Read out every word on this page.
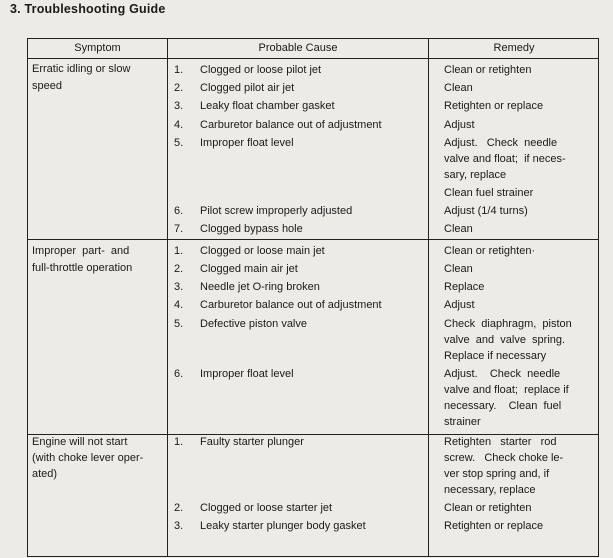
3. Troubleshooting Guide
Symptom	Probable Cause	Remedy
Erratic idling or slow
speed
1. Clogged or loose pilot jet
2. Clogged pilot air jet
3. Leaky float chamber gasket
4. Carburetor balance out of adjustment
5. Improper float level
6. Pilot screw improperly adjusted
7. Clogged bypass hole
Clean or retighten
Clean
Retighten or replace
Adjust
Adjust.   Check  needle
valve and float;  if neces-
sary, replace
Clean fuel strainer
Adjust (1/4 turns)
Clean
Improper  part-  and
full-throttle operation
1. Clogged or loose main jet
2. Clogged main air jet
3. Needle jet O-ring broken
4. Carburetor balance out of adjustment
5. Defective piston valve
6. Improper float level
Clean or retighten·
Clean
Replace
Adjust
Check  diaphragm,  piston
valve  and  valve  spring.
Replace if necessary
Adjust.    Check  needle
valve and float;  replace if
necessary.    Clean  fuel
strainer
Engine will not start
(with choke lever oper-
ated)
1. Faulty starter plunger
2. Clogged or loose starter jet
3. Leaky starter plunger body gasket
Retighten   starter   rod
screw.   Check choke le-
ver stop spring and, if
necessary, replace
Clean or retighten
Retighten or replace
